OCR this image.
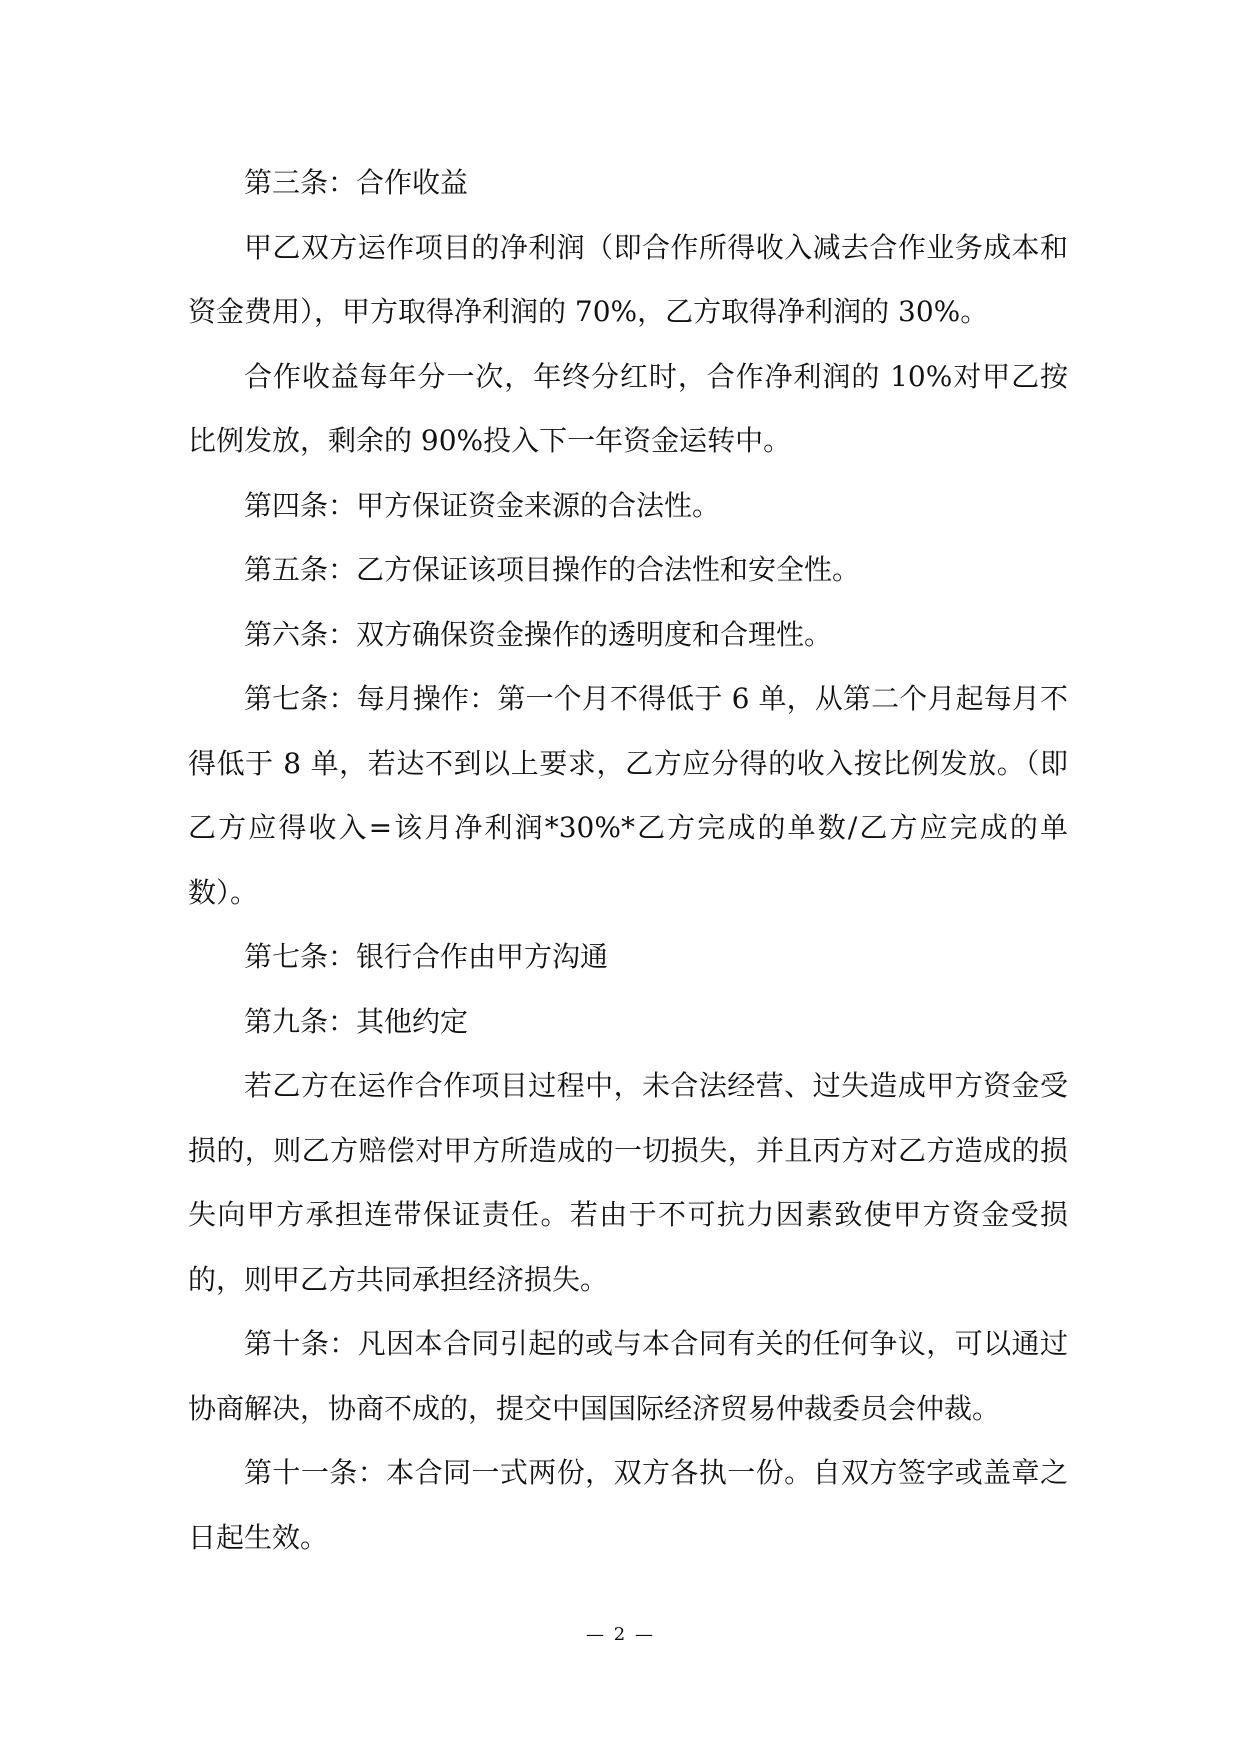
第三条：合作收益

甲乙双方运作项目的净利润（即合作所得收入减去合作业务成本和资金费用），甲方取得净利润的 70%，乙方取得净利润的 30%。

合作收益每年分一次，年终分红时，合作净利润的 10%对甲乙按比例发放，剩余的 90%投入下一年资金运转中。

第四条：甲方保证资金来源的合法性。

第五条：乙方保证该项目操作的合法性和安全性。

第六条：双方确保资金操作的透明度和合理性。

第七条：每月操作：第一个月不得低于 6 单，从第二个月起每月不得低于 8 单，若达不到以上要求，乙方应分得的收入按比例发放。（即乙方应得收入=该月净利润*30%*乙方完成的单数/乙方应完成的单数）。

第七条：银行合作由甲方沟通

第九条：其他约定

若乙方在运作合作项目过程中，未合法经营、过失造成甲方资金受损的，则乙方赔偿对甲方所造成的一切损失，并且丙方对乙方造成的损失向甲方承担连带保证责任。若由于不可抗力因素致使甲方资金受损的，则甲乙方共同承担经济损失。

第十条：凡因本合同引起的或与本合同有关的任何争议，可以通过协商解决，协商不成的，提交中国国际经济贸易仲裁委员会仲裁。

第十一条：本合同一式两份，双方各执一份。自双方签字或盖章之日起生效。

— 2 —
